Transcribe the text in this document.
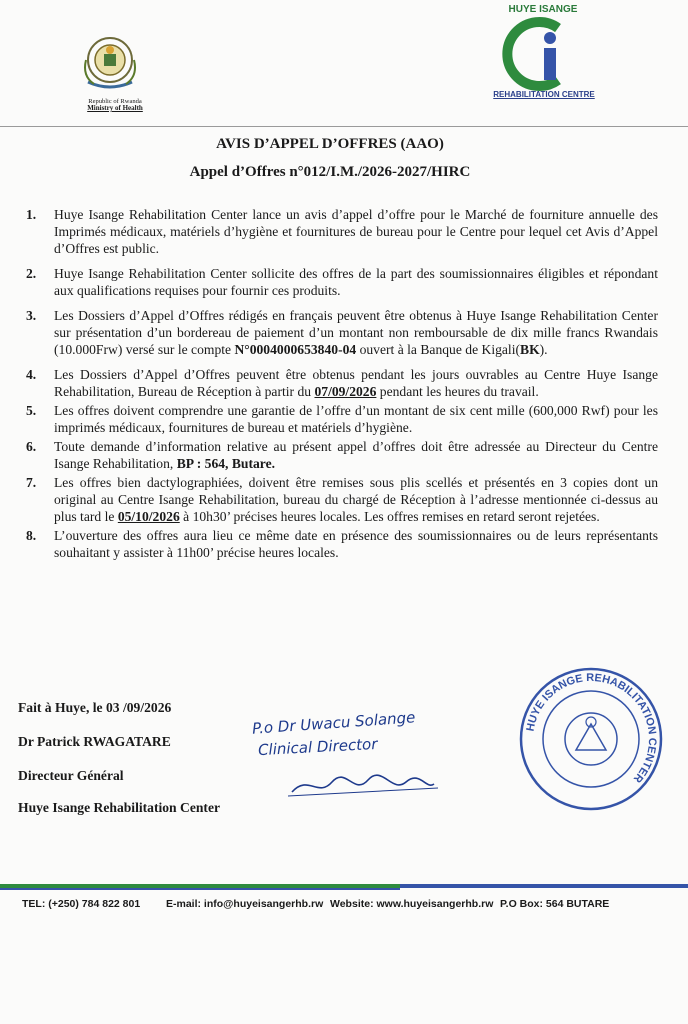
Republic of Rwanda
Ministry of Health
HUYE ISANGE
REHABILITATION CENTRE
AVIS D’APPEL D’OFFRES (AAO)
Appel d’Offres n°012/I.M./2026-2027/HIRC
1. Huye Isange Rehabilitation Center lance un avis d’appel d’offre pour le Marché de fourniture annuelle des Imprimés médicaux, matériels d’hygiène et fournitures de bureau pour le Centre pour lequel cet Avis d’Appel d’Offres est public.
2. Huye Isange Rehabilitation Center sollicite des offres de la part des soumissionnaires éligibles et répondant aux qualifications requises pour fournir ces produits.
3. Les Dossiers d’Appel d’Offres rédigés en français peuvent être obtenus à Huye Isange Rehabilitation Center sur présentation d’un bordereau de paiement d’un montant non remboursable de dix mille francs Rwandais (10.000Frw) versé sur le compte N°0004000653840-04 ouvert à la Banque de Kigali(BK).
4. Les Dossiers d’Appel d’Offres peuvent être obtenus pendant les jours ouvrables au Centre Huye Isange Rehabilitation, Bureau de Réception à partir du 07/09/2026 pendant les heures du travail.
5. Les offres doivent comprendre une garantie de l’offre d’un montant de six cent mille (600,000 Rwf) pour les imprimés médicaux, fournitures de bureau et matériels d’hygiène.
6. Toute demande d’information relative au présent appel d’offres doit être adressée au Directeur du Centre Isange Rehabilitation, BP : 564, Butare.
7. Les offres bien dactylographiées, doivent être remises sous plis scellés et présentés en 3 copies dont un original au Centre Isange Rehabilitation, bureau du chargé de Réception à l’adresse mentionnée ci-dessus au plus tard le 05/10/2026 à 10h30’ précises heures locales. Les offres remises en retard seront rejetées.
8. L’ouverture des offres aura lieu ce même date en présence des soumissionnaires ou de leurs représentants souhaitant y assister à 11h00’ précise heures locales.
Fait à Huye, le 03 /09/2026
Dr Patrick RWAGATARE
Directeur Général
Huye Isange Rehabilitation Center
P.o Dr Uwacu Solange
Clinical Director
HUYE ISANGE REHABILITATION CENTER
TEL: (+250) 784 822 801 E-mail: info@huyeisangerhb.rw Website: www.huyeisangerhb.rw P.O Box: 564 BUTARE
